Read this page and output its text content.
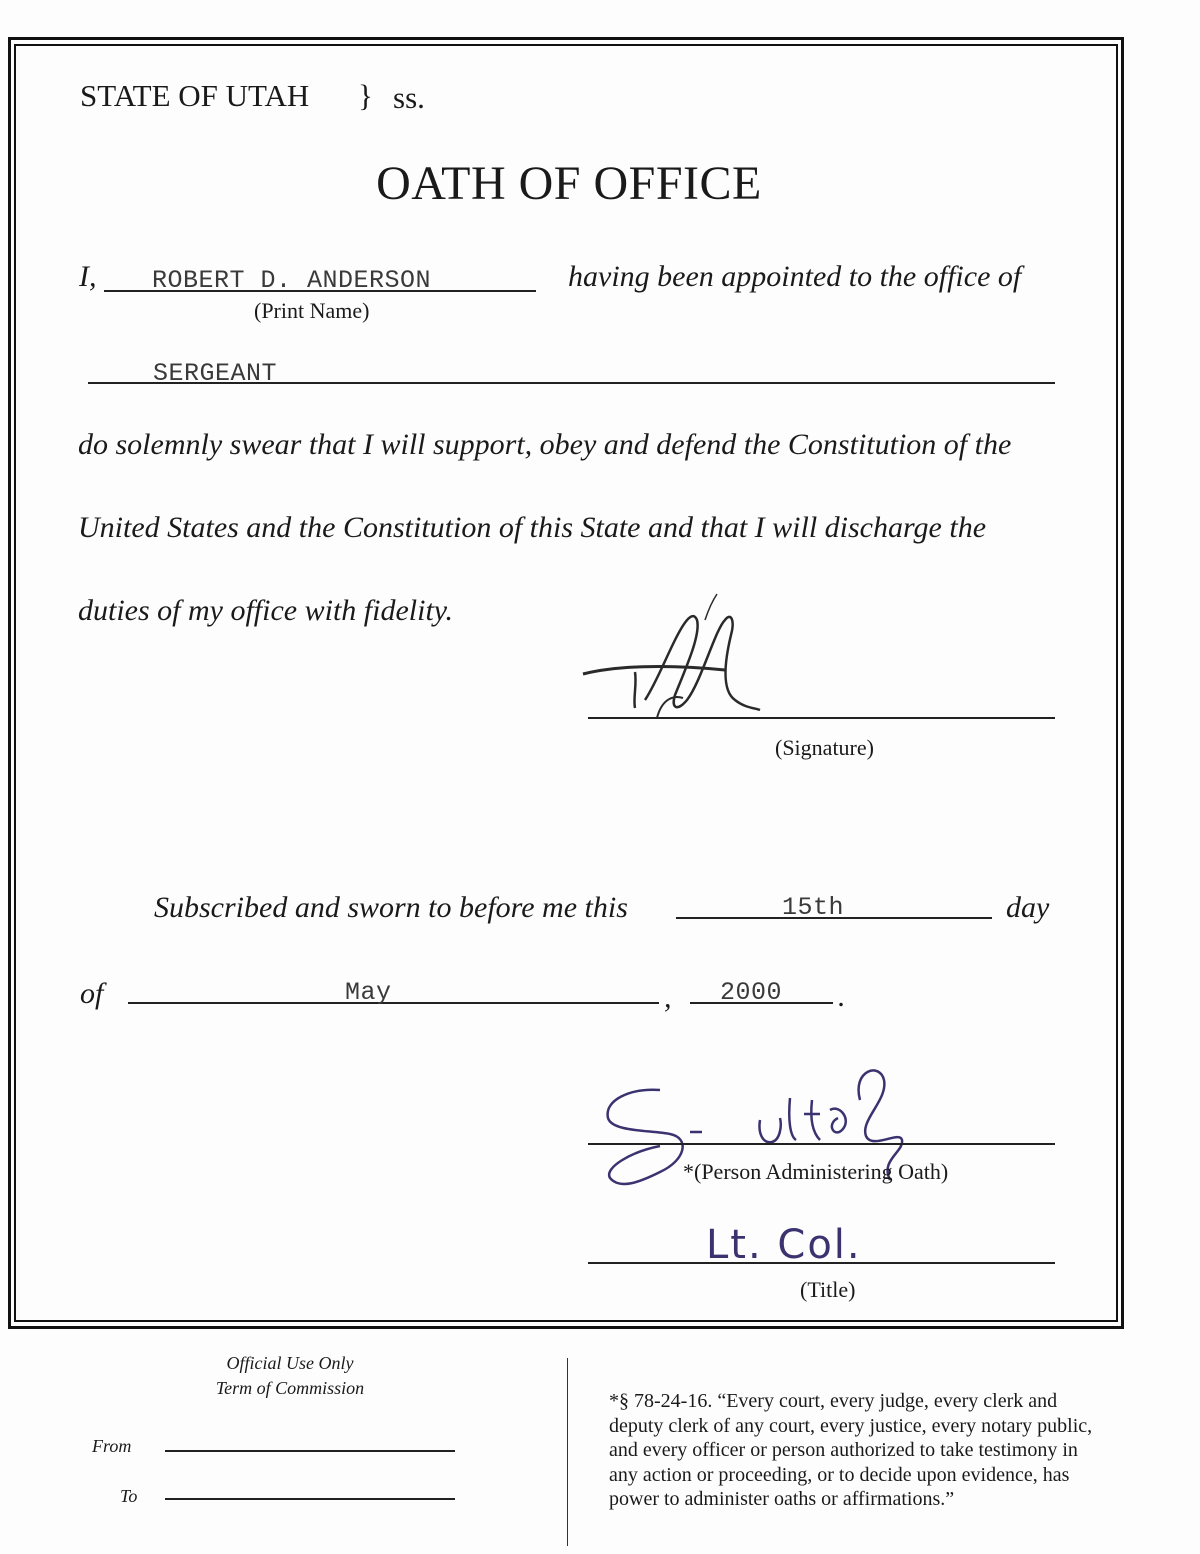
STATE OF UTAH } ss.
OATH OF OFFICE
I, ROBERT D. ANDERSON
(Print Name)
having been appointed to the office of
SERGEANT
do solemnly swear that I will support, obey and defend the Constitution of the
United States and the Constitution of this State and that I will discharge the
duties of my office with fidelity.
(Signature)
Subscribed and sworn to before me this	15th	day
of	May	, 2000 .
*(Person Administering Oath)
Lt. Col.
(Title)
Official Use Only
Term of Commission
From
To
*§ 78-24-16. “Every court, every judge, every clerk and
deputy clerk of any court, every justice, every notary public,
and every officer or person authorized to take testimony in
any action or proceeding, or to decide upon evidence, has
power to administer oaths or affirmations.”
